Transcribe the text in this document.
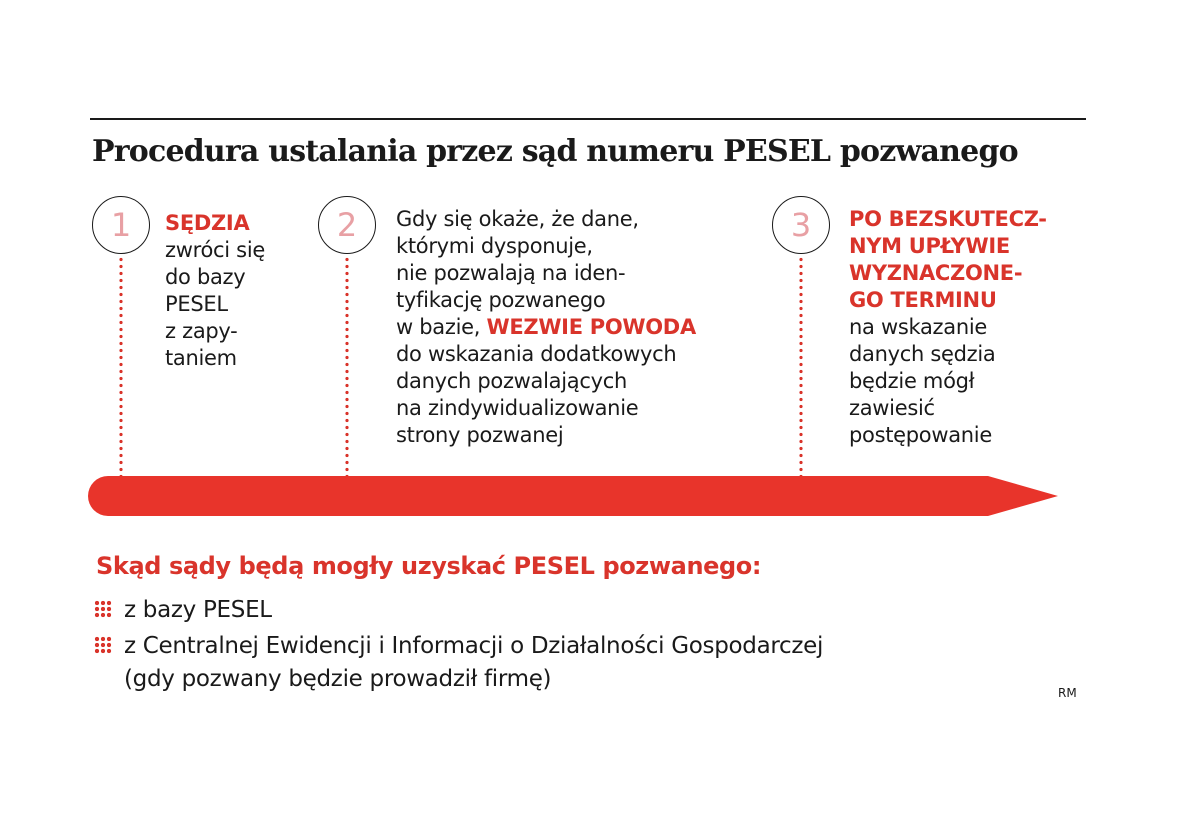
Procedura ustalania przez sąd numeru PESEL pozwanego
1 SĘDZIA
zwróci się
do bazy
PESEL
z zapy-
taniem
2 Gdy się okaże, że dane,
którymi dysponuje,
nie pozwalają na iden-
tyfikację pozwanego
w bazie, WEZWIE POWODA
do wskazania dodatkowych
danych pozwalających
na zindywidualizowanie
strony pozwanej
3 PO BEZSKUTECZ-
NYM UPŁYWIE
WYZNACZONE-
GO TERMINU
na wskazanie
danych sędzia
będzie mógł
zawiesić
postępowanie
Skąd sądy będą mogły uzyskać PESEL pozwanego:
z bazy PESEL
z Centralnej Ewidencji i Informacji o Działalności Gospodarczej
(gdy pozwany będzie prowadził firmę)
RM
